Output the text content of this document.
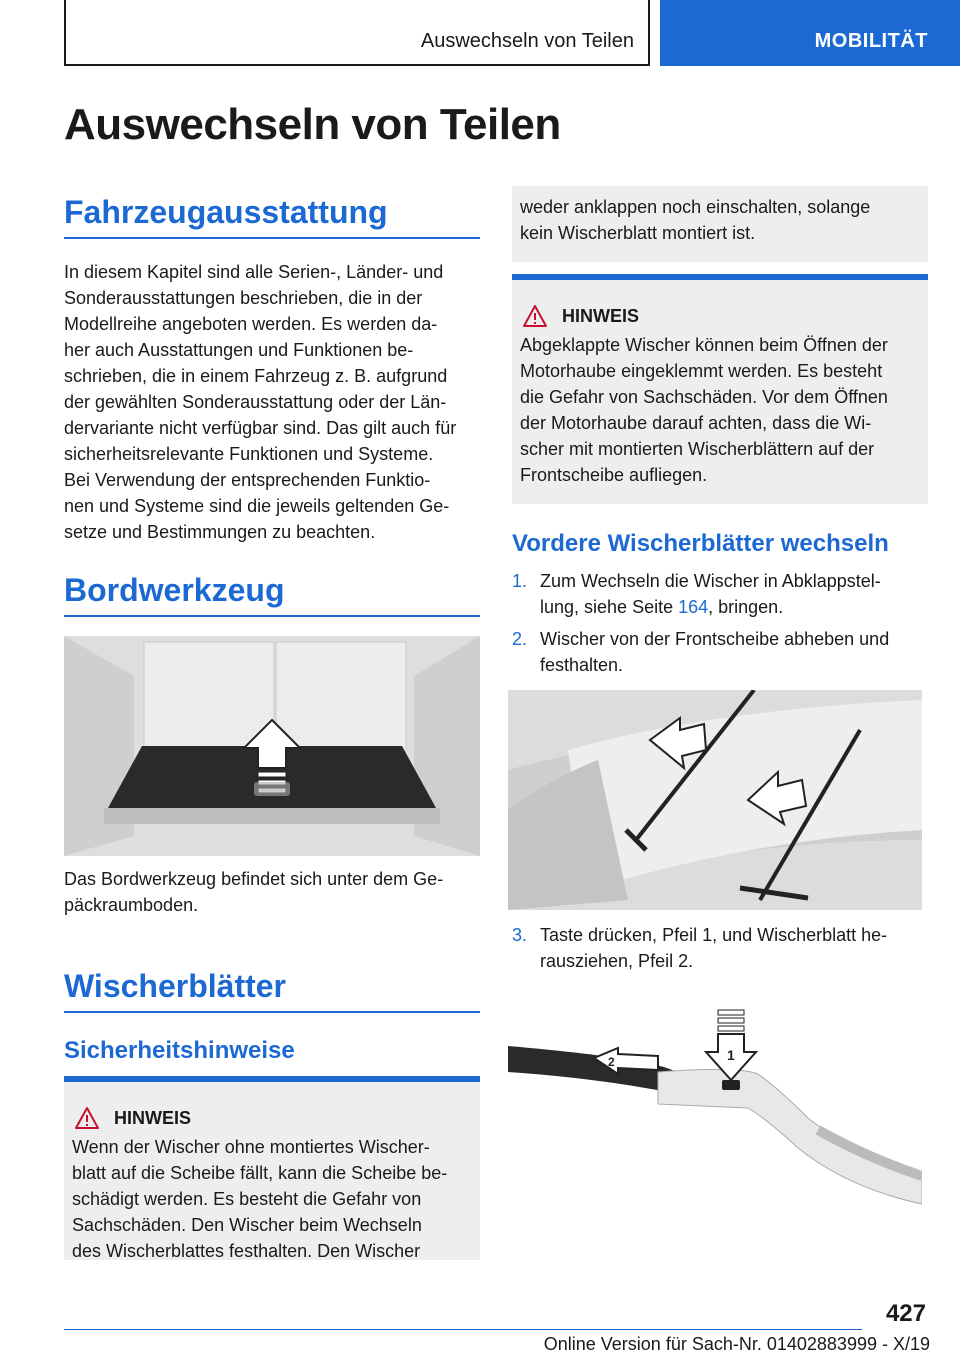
Auswechseln von Teilen	MOBILITÄT
Auswechseln von Teilen
Fahrzeugausstattung
In diesem Kapitel sind alle Serien-, Länder- und
Sonderausstattungen beschrieben, die in der
Modellreihe angeboten werden. Es werden da-
her auch Ausstattungen und Funktionen be-
schrieben, die in einem Fahrzeug z. B. aufgrund
der gewählten Sonderausstattung oder der Län-
dervariante nicht verfügbar sind. Das gilt auch für
sicherheitsrelevante Funktionen und Systeme.
Bei Verwendung der entsprechenden Funktio-
nen und Systeme sind die jeweils geltenden Ge-
setze und Bestimmungen zu beachten.
Bordwerkzeug
Das Bordwerkzeug befindet sich unter dem Ge-
päckraumboden.
Wischerblätter
Sicherheitshinweise
HINWEIS
Wenn der Wischer ohne montiertes Wischer-
blatt auf die Scheibe fällt, kann die Scheibe be-
schädigt werden. Es besteht die Gefahr von
Sachschäden. Den Wischer beim Wechseln
des Wischerblattes festhalten. Den Wischer
weder anklappen noch einschalten, solange
kein Wischerblatt montiert ist.
HINWEIS
Abgeklappte Wischer können beim Öffnen der
Motorhaube eingeklemmt werden. Es besteht
die Gefahr von Sachschäden. Vor dem Öffnen
der Motorhaube darauf achten, dass die Wi-
scher mit montierten Wischerblättern auf der
Frontscheibe aufliegen.
Vordere Wischerblätter wechseln
1. Zum Wechseln die Wischer in Abklappstel-
lung, siehe Seite 164, bringen.
2. Wischer von der Frontscheibe abheben und
festhalten.
3. Taste drücken, Pfeil 1, und Wischerblatt he-
rausziehen, Pfeil 2.
2	1
427
Online Version für Sach-Nr. 01402883999 - X/19
